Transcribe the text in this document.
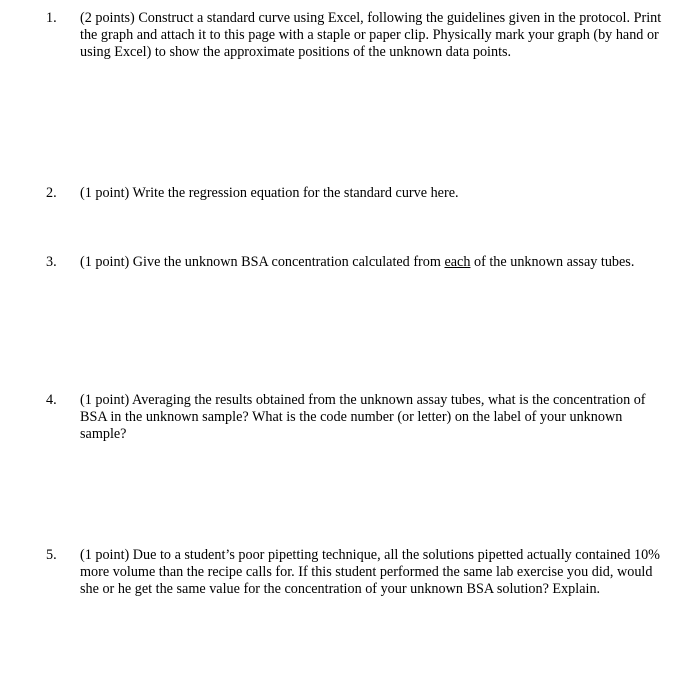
1. (2 points) Construct a standard curve using Excel, following the guidelines given in the protocol. Print the graph and attach it to this page with a staple or paper clip. Physically mark your graph (by hand or using Excel) to show the approximate positions of the unknown data points.
2. (1 point) Write the regression equation for the standard curve here.
3. (1 point) Give the unknown BSA concentration calculated from each of the unknown assay tubes.
4. (1 point) Averaging the results obtained from the unknown assay tubes, what is the concentration of BSA in the unknown sample? What is the code number (or letter) on the label of your unknown sample?
5. (1 point) Due to a student’s poor pipetting technique, all the solutions pipetted actually contained 10% more volume than the recipe calls for. If this student performed the same lab exercise you did, would she or he get the same value for the concentration of your unknown BSA solution? Explain.
